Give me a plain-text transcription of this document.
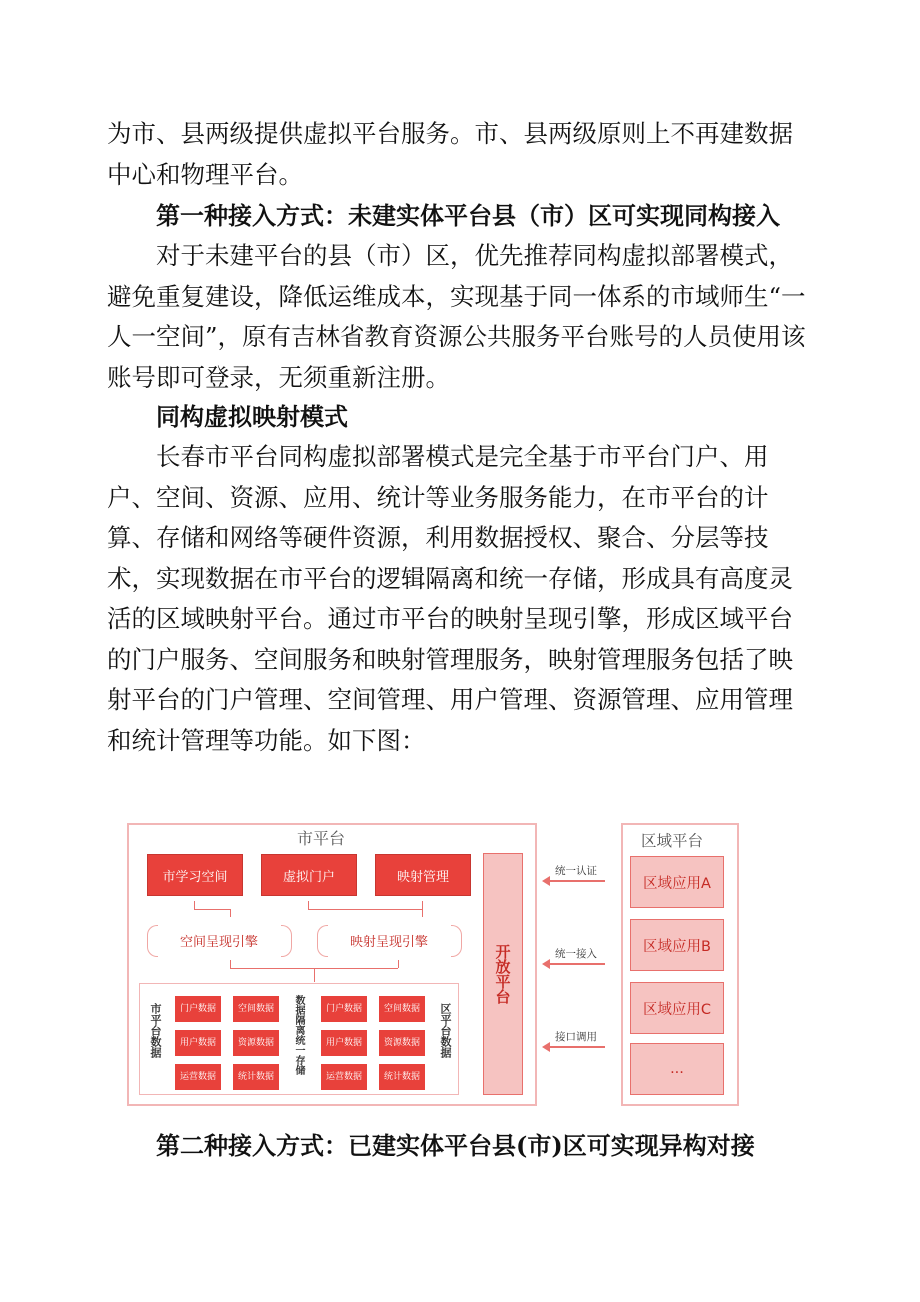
为市、县两级提供虚拟平台服务。市、县两级原则上不再建数据中心和物理平台。

第一种接入方式：未建实体平台县（市）区可实现同构接入

对于未建平台的县（市）区，优先推荐同构虚拟部署模式，避免重复建设，降低运维成本，实现基于同一体系的市域师生“一人一空间”，原有吉林省教育资源公共服务平台账号的人员使用该账号即可登录，无须重新注册。

同构虚拟映射模式

长春市平台同构虚拟部署模式是完全基于市平台门户、用户、空间、资源、应用、统计等业务服务能力，在市平台的计算、存储和网络等硬件资源，利用数据授权、聚合、分层等技术，实现数据在市平台的逻辑隔离和统一存储，形成具有高度灵活的区域映射平台。通过市平台的映射呈现引擎，形成区域平台的门户服务、空间服务和映射管理服务，映射管理服务包括了映射平台的门户管理、空间管理、用户管理、资源管理、应用管理和统计管理等功能。如下图：

市平台
市学习空间	虚拟门户	映射管理
空间呈现引擎	映射呈现引擎
市平台数据	数据隔离统一存储	区平台数据
门户数据	空间数据
用户数据	资源数据
运营数据	统计数据
门户数据	空间数据
用户数据	资源数据
运营数据	统计数据
开放平台
统一认证
统一接入
接口调用
区域平台
区域应用A
区域应用B
区域应用C
...
第二种接入方式：已建实体平台县(市)区可实现异构对接
